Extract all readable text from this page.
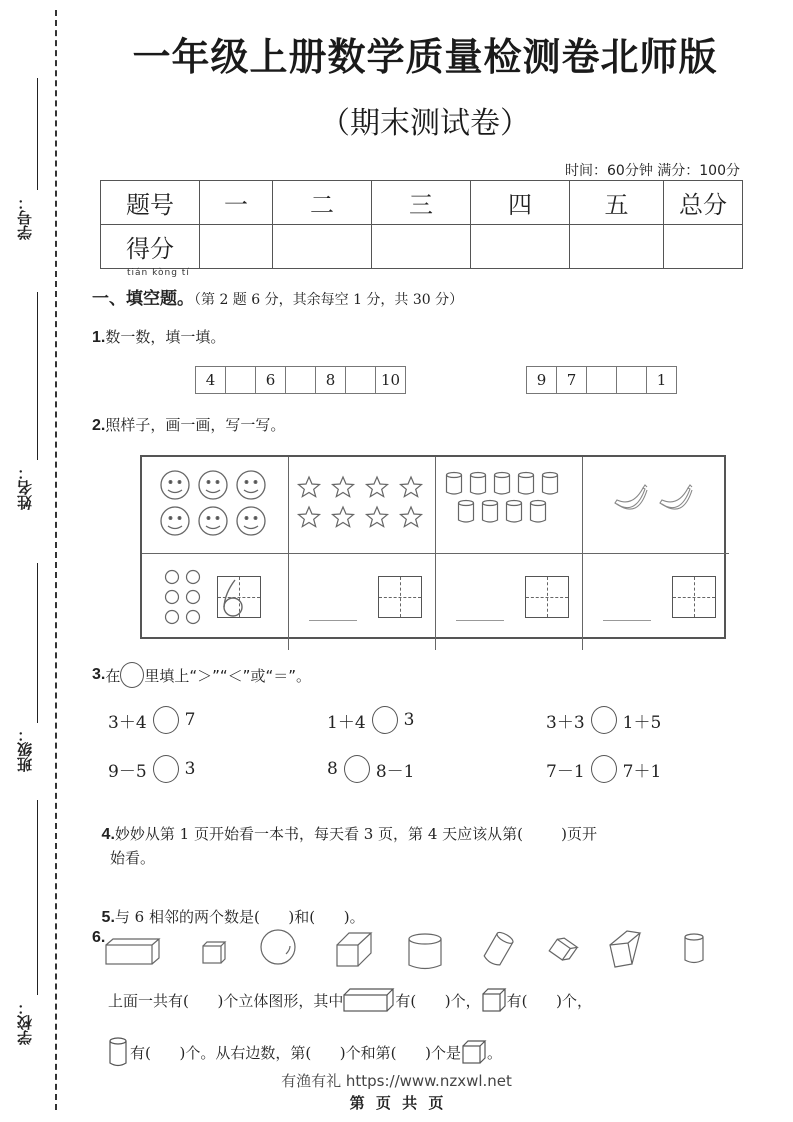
学号：
姓名：
班级：
学校：
一年级上册数学质量检测卷北师版
（期末测试卷）
时间：60分钟 满分：100分
题号	一	二	三	四	五	总分
得分						
tián kòng tí
一、填空题。（第 2 题 6 分，其余每空 1 分，共 30 分）
1.数一数，填一填。
4	6	8	10	9	7	1
2.照样子，画一画，写一写。
3. 在 里填上“＞”“＜”或“＝”。
3＋4 7	1＋4 3	3＋3 1＋5
9－5 3	8 8－1	7－1 7＋1

4.妙妙从第 1 页开始看一本书，每天看 3 页，第 4 天应该从第(        )页开

始看。

5.与 6 相邻的两个数是(      )和(      )。

6.
上面一共有(      )个立体图形，其中	有(      )个， 有(      )个，
有(      )个。从右边数，第(      )个和第(      )个是 。
有渔有礼 https://www.nzxwl.net
第 页 共 页
